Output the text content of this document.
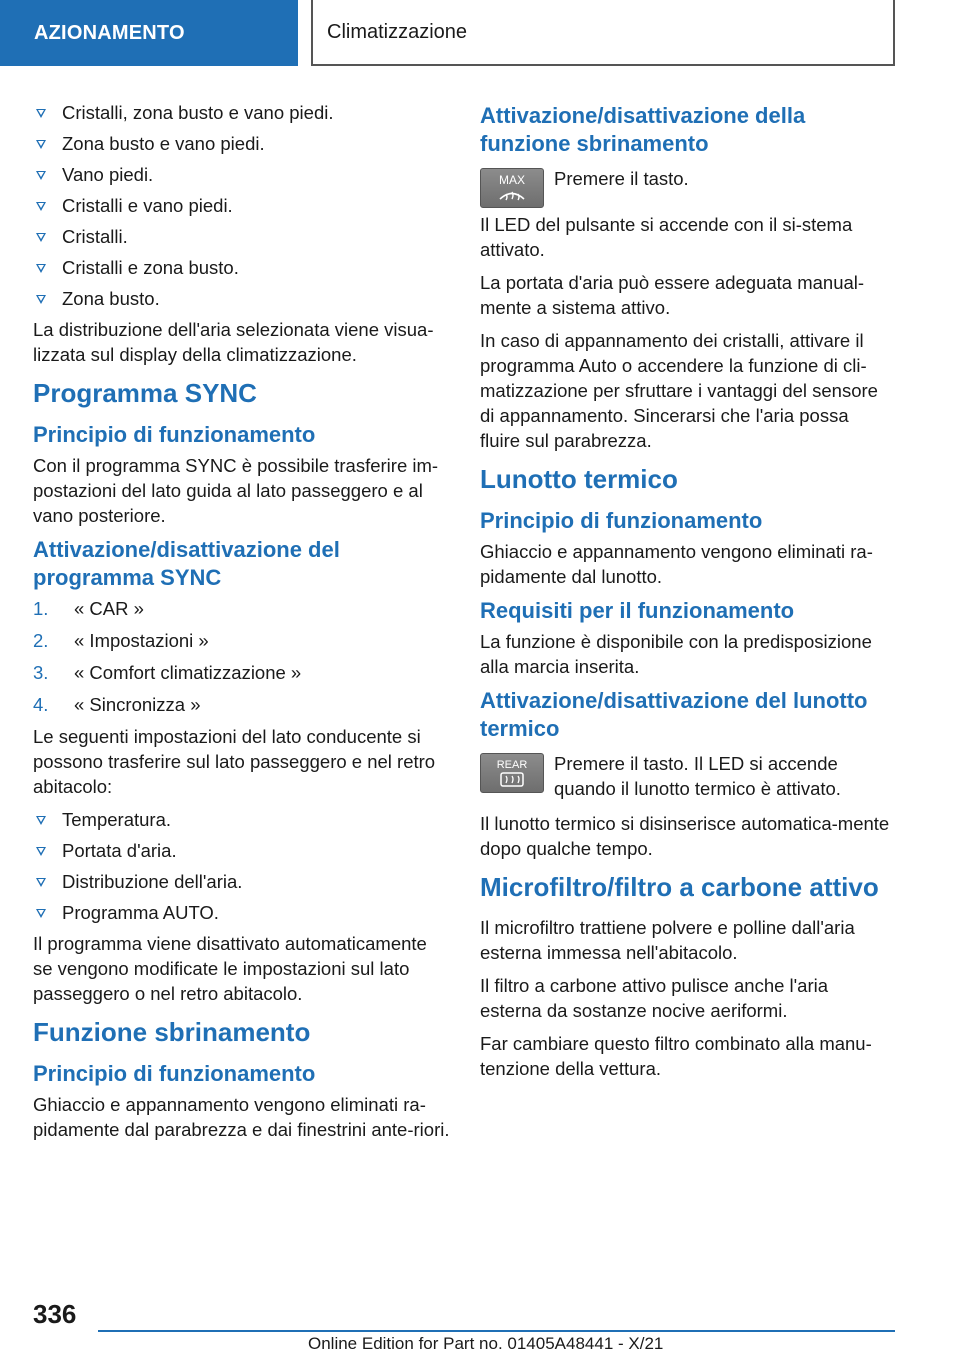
AZIONAMENTO	Climatizzazione
Cristalli, zona busto e vano piedi.
Zona busto e vano piedi.
Vano piedi.
Cristalli e vano piedi.
Cristalli.
Cristalli e zona busto.
Zona busto.

La distribuzione dell'aria selezionata viene visua-lizzata sul display della climatizzazione.

Programma SYNC
Principio di funzionamento

Con il programma SYNC è possibile trasferire im-postazioni del lato guida al lato passeggero e al vano posteriore.

Attivazione/disattivazione del programma SYNC
1. « CAR »
2. « Impostazioni »
3. « Comfort climatizzazione »
4. « Sincronizza »

Le seguenti impostazioni del lato conducente si possono trasferire sul lato passeggero e nel retro abitacolo:

Temperatura.
Portata d'aria.
Distribuzione dell'aria.
Programma AUTO.

Il programma viene disattivato automaticamente se vengono modificate le impostazioni sul lato passeggero o nel retro abitacolo.

Funzione sbrinamento
Principio di funzionamento

Ghiaccio e appannamento vengono eliminati ra-pidamente dal parabrezza e dai finestrini ante-riori.

Attivazione/disattivazione della funzione sbrinamento
MAX Premere il tasto.

Il LED del pulsante si accende con il si-stema attivato.

La portata d'aria può essere adeguata manual-mente a sistema attivo.

In caso di appannamento dei cristalli, attivare il programma Auto o accendere la funzione di cli-matizzazione per sfruttare i vantaggi del sensore di appannamento. Sincerarsi che l'aria possa fluire sul parabrezza.

Lunotto termico
Principio di funzionamento

Ghiaccio e appannamento vengono eliminati ra-pidamente dal lunotto.

Requisiti per il funzionamento

La funzione è disponibile con la predisposizione alla marcia inserita.

Attivazione/disattivazione del lunotto termico
REAR Premere il tasto. Il LED si accende quando il lunotto termico è attivato.

Il lunotto termico si disinserisce automatica-mente dopo qualche tempo.

Microfiltro/filtro a carbone attivo

Il microfiltro trattiene polvere e polline dall'aria esterna immessa nell'abitacolo.

Il filtro a carbone attivo pulisce anche l'aria esterna da sostanze nocive aeriformi.

Far cambiare questo filtro combinato alla manu-tenzione della vettura.

336
Online Edition for Part no. 01405A48441 - X/21
